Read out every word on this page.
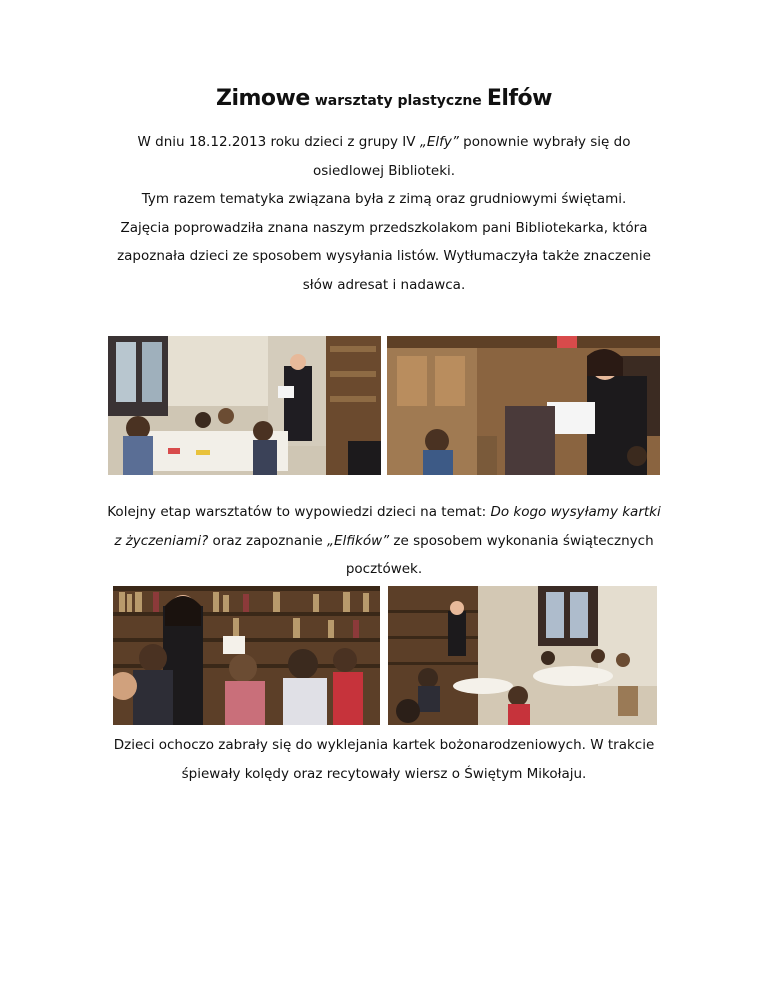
Zimowe warsztaty plastyczne Elfów
W dniu 18.12.2013 roku dzieci z grupy IV „Elfy” ponownie wybrały się do
osiedlowej Biblioteki.
Tym razem tematyka związana była z zimą oraz grudniowymi świętami.
Zajęcia poprowadziła znana naszym przedszkolakom pani Bibliotekarka, która
zapoznała dzieci ze sposobem wysyłania listów. Wytłumaczyła także znaczenie
słów adresat i nadawca.
Kolejny etap warsztatów to wypowiedzi dzieci na temat: Do kogo wysyłamy kartki
z życzeniami? oraz zapoznanie „Elfików” ze sposobem wykonania świątecznych
pocztówek.
Dzieci ochoczo zabrały się do wyklejania kartek bożonarodzeniowych. W trakcie
śpiewały kolędy oraz recytowały wiersz o Świętym Mikołaju.
